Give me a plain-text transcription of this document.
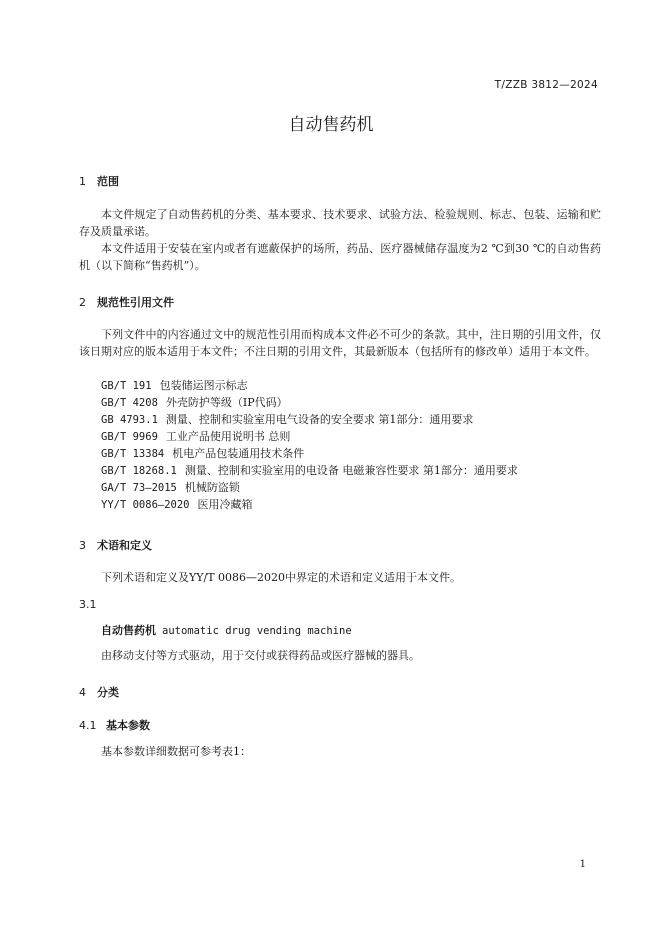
T/ZZB 3812—2024
自动售药机
1 范围
本文件规定了自动售药机的分类、基本要求、技术要求、试验方法、检验规则、标志、包装、运输和贮存及质量承诺。
本文件适用于安装在室内或者有遮蔽保护的场所，药品、医疗器械储存温度为2 ℃到30 ℃的自动售药机（以下简称“售药机”）。
2 规范性引用文件
下列文件中的内容通过文中的规范性引用而构成本文件必不可少的条款。其中，注日期的引用文件，仅该日期对应的版本适用于本文件；不注日期的引用文件，其最新版本（包括所有的修改单）适用于本文件。
GB/T 191 包装储运图示标志
GB/T 4208 外壳防护等级（IP代码）
GB 4793.1 测量、控制和实验室用电气设备的安全要求 第1部分：通用要求
GB/T 9969 工业产品使用说明书 总则
GB/T 13384 机电产品包装通用技术条件
GB/T 18268.1 测量、控制和实验室用的电设备 电磁兼容性要求 第1部分：通用要求
GA/T 73—2015 机械防盗锁
YY/T 0086—2020 医用冷藏箱
3 术语和定义
下列术语和定义及YY/T 0086—2020中界定的术语和定义适用于本文件。
3.1
自动售药机 automatic drug vending machine
由移动支付等方式驱动，用于交付或获得药品或医疗器械的器具。
4 分类
4.1 基本参数
基本参数详细数据可参考表1：
1
